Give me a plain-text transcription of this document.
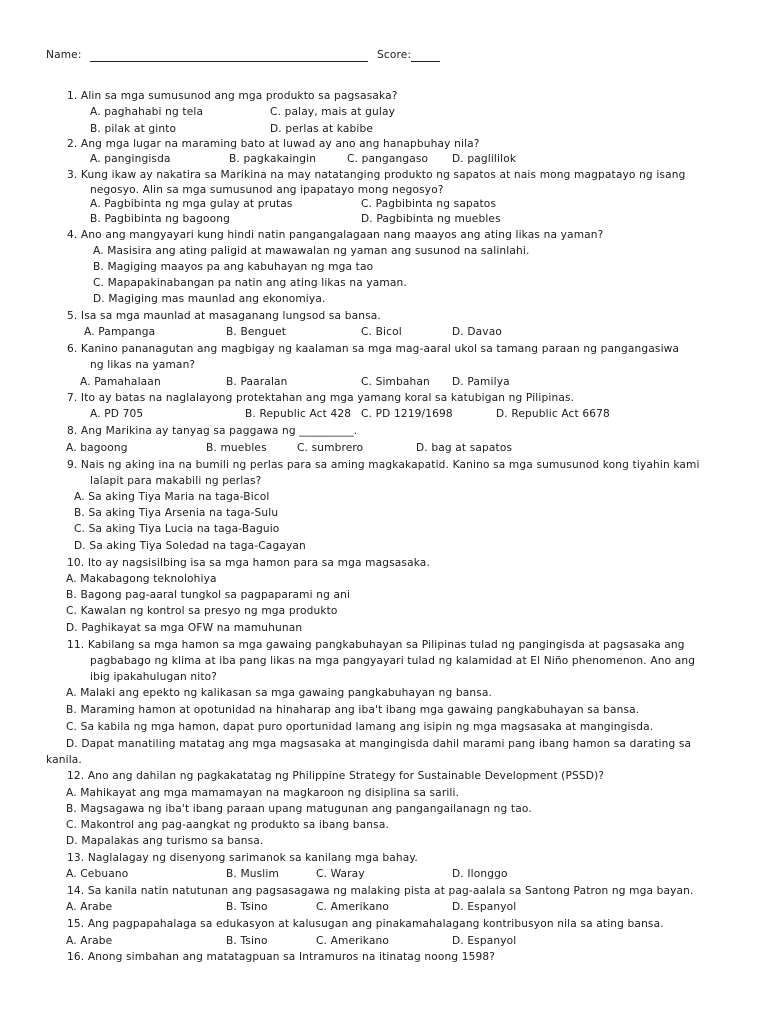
Name:	Score:
1. Alin sa mga sumusunod ang mga produkto sa pagsasaka?
A. paghahabi ng tela	C. palay, mais at gulay
B. pilak at ginto	D. perlas at kabibe
2. Ang mga lugar na maraming bato at luwad ay ano ang hanapbuhay nila?
A. pangingisda	B. pagkakaingin	C. pangangaso D. paglililok
3. Kung ikaw ay nakatira sa Marikina na may natatanging produkto ng sapatos at nais mong magpatayo ng isang
negosyo. Alin sa mga sumusunod ang ipapatayo mong negosyo?
A. Pagbibinta ng mga gulay at prutas	C. Pagbibinta ng sapatos
B. Pagbibinta ng bagoong	D. Pagbibinta ng muebles
4. Ano ang mangyayari kung hindi natin pangangalagaan nang maayos ang ating likas na yaman?
A. Masisira ang ating paligid at mawawalan ng yaman ang susunod na salinlahi.
B. Magiging maayos pa ang kabuhayan ng mga tao
C. Mapapakinabangan pa natin ang ating likas na yaman.
D. Magiging mas maunlad ang ekonomiya.
5. Isa sa mga maunlad at masaganang lungsod sa bansa.
A. Pampanga	B. Benguet	C. Bicol	D. Davao
6. Kanino pananagutan ang magbigay ng kaalaman sa mga mag-aaral ukol sa tamang paraan ng pangangasiwa
ng likas na yaman?
A. Pamahalaan	B. Paaralan	C. Simbahan D. Pamilya
7. Ito ay batas na naglalayong protektahan ang mga yamang koral sa katubigan ng Pilipinas.
A. PD 705	B. Republic Act 428 C. PD 1219/1698	D. Republic Act 6678
8. Ang Marikina ay tanyag sa paggawa ng __________.
A. bagoong	B. muebles	C. sumbrero	D. bag at sapatos
9. Nais ng aking ina na bumili ng perlas para sa aming magkakapatid. Kanino sa mga sumusunod kong tiyahin kami
lalapit para makabili ng perlas?
A. Sa aking Tiya Maria na taga-Bicol
B. Sa aking Tiya Arsenia na taga-Sulu
C. Sa aking Tiya Lucia na taga-Baguio
D. Sa aking Tiya Soledad na taga-Cagayan
10. Ito ay nagsisilbing isa sa mga hamon para sa mga magsasaka.
A. Makabagong teknolohiya
B. Bagong pag-aaral tungkol sa pagpaparami ng ani
C. Kawalan ng kontrol sa presyo ng mga produkto
D. Paghikayat sa mga OFW na mamuhunan
11. Kabilang sa mga hamon sa mga gawaing pangkabuhayan sa Pilipinas tulad ng pangingisda at pagsasaka ang
pagbabago ng klima at iba pang likas na mga pangyayari tulad ng kalamidad at El Niño phenomenon. Ano ang
ibig ipakahulugan nito?
A. Malaki ang epekto ng kalikasan sa mga gawaing pangkabuhayan ng bansa.
B. Maraming hamon at opotunidad na hinaharap ang iba't ibang mga gawaing pangkabuhayan sa bansa.
C. Sa kabila ng mga hamon, dapat puro oportunidad lamang ang isipin ng mga magsasaka at mangingisda.
D. Dapat manatiling matatag ang mga magsasaka at mangingisda dahil marami pang ibang hamon sa darating sa
kanila.
12. Ano ang dahilan ng pagkakatatag ng Philippine Strategy for Sustainable Development (PSSD)?
A. Mahikayat ang mga mamamayan na magkaroon ng disiplina sa sarili.
B. Magsagawa ng iba't ibang paraan upang matugunan ang pangangailanagn ng tao.
C. Makontrol ang pag-aangkat ng produkto sa ibang bansa.
D. Mapalakas ang turismo sa bansa.
13. Naglalagay ng disenyong sarimanok sa kanilang mga bahay.
A. Cebuano	B. Muslim	C. Waray	D. Ilonggo
14. Sa kanila natin natutunan ang pagsasagawa ng malaking pista at pag-aalala sa Santong Patron ng mga bayan.
A. Arabe	B. Tsino	C. Amerikano	D. Espanyol
15. Ang pagpapahalaga sa edukasyon at kalusugan ang pinakamahalagang kontribusyon nila sa ating bansa.
A. Arabe	B. Tsino	C. Amerikano	D. Espanyol
16. Anong simbahan ang matatagpuan sa Intramuros na itinatag noong 1598?
